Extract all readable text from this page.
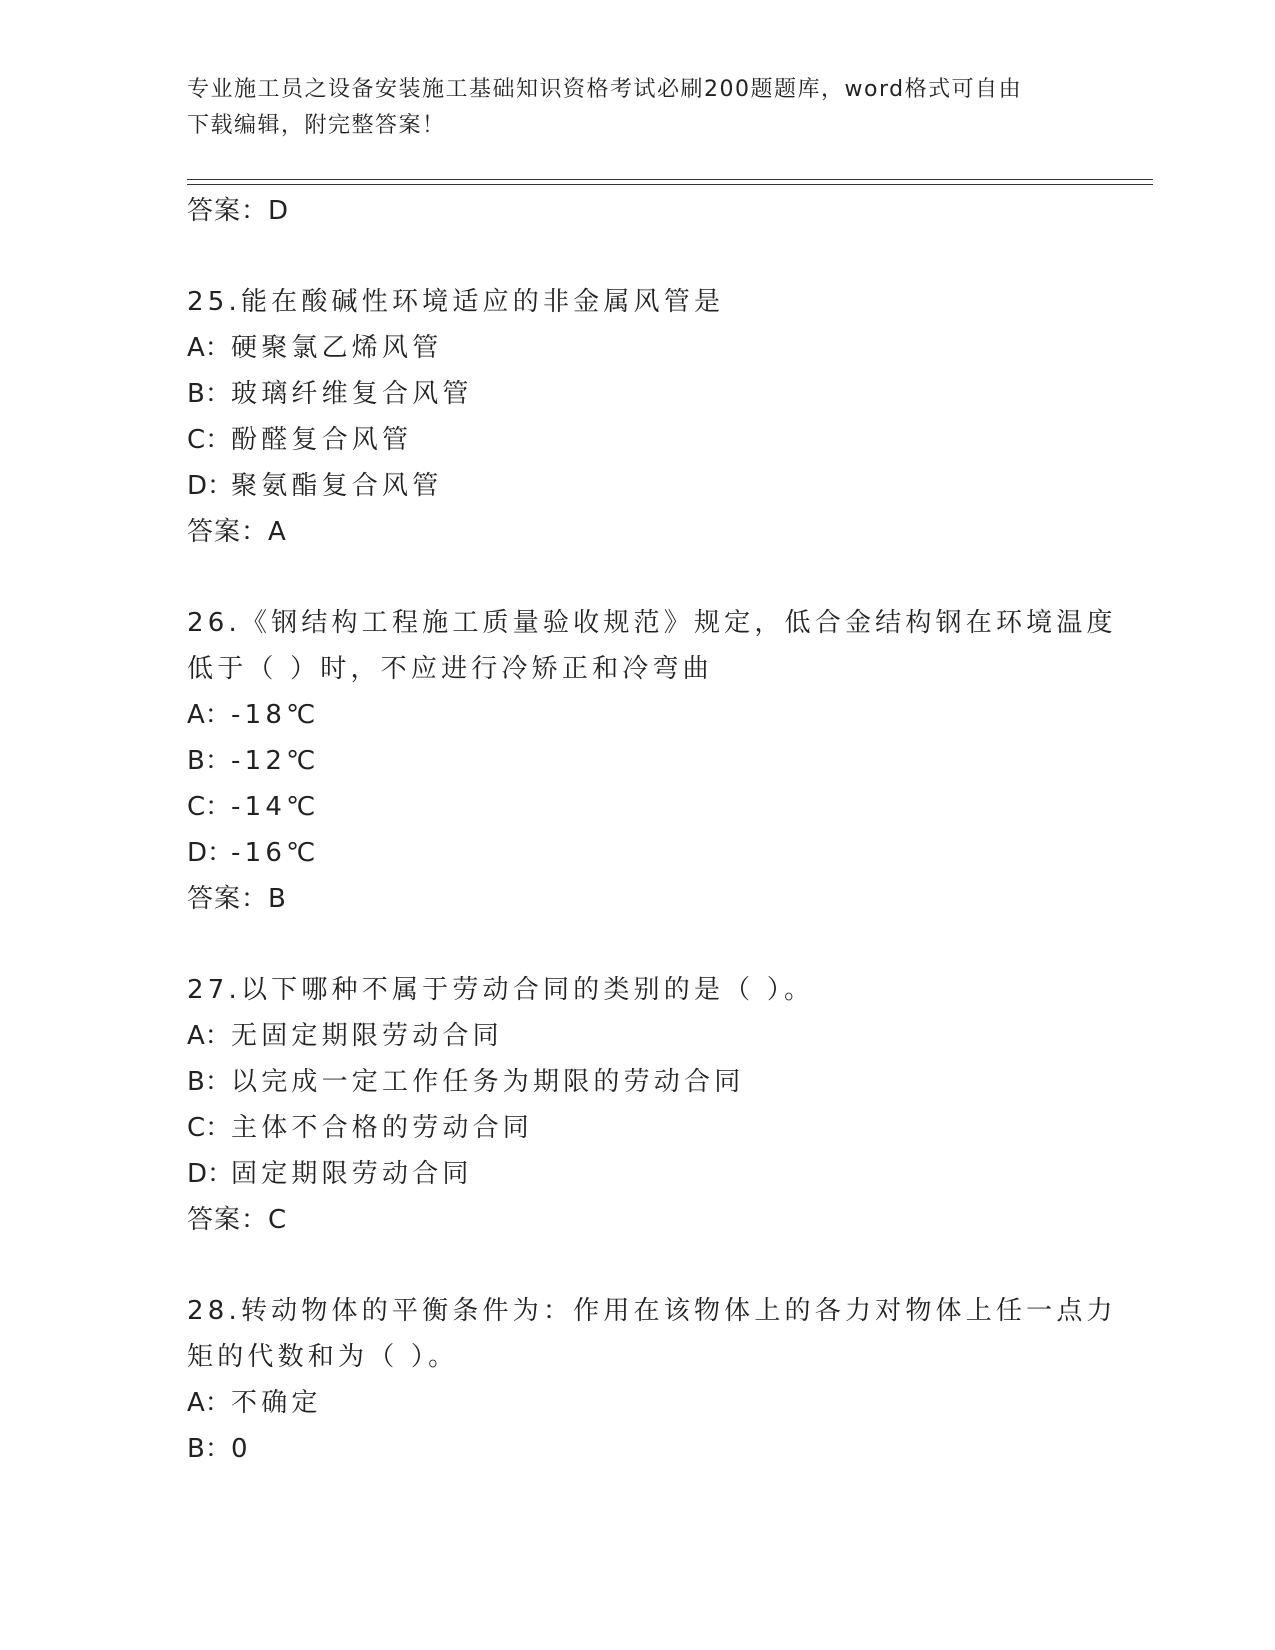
专业施工员之设备安装施工基础知识资格考试必刷200题题库，word格式可自由
下载编辑，附完整答案！
答案：D
25.能在酸碱性环境适应的非金属风管是
A：硬聚氯乙烯风管
B：玻璃纤维复合风管
C：酚醛复合风管
D：聚氨酯复合风管
答案：A
26.《钢结构工程施工质量验收规范》规定，低合金结构钢在环境温度
低于（ ）时，不应进行冷矫正和冷弯曲
A：-18℃
B：-12℃
C：-14℃
D：-16℃
答案：B
27.以下哪种不属于劳动合同的类别的是（ ）。
A：无固定期限劳动合同
B：以完成一定工作任务为期限的劳动合同
C：主体不合格的劳动合同
D：固定期限劳动合同
答案：C
28.转动物体的平衡条件为：作用在该物体上的各力对物体上任一点力
矩的代数和为（ ）。
A：不确定
B：0
